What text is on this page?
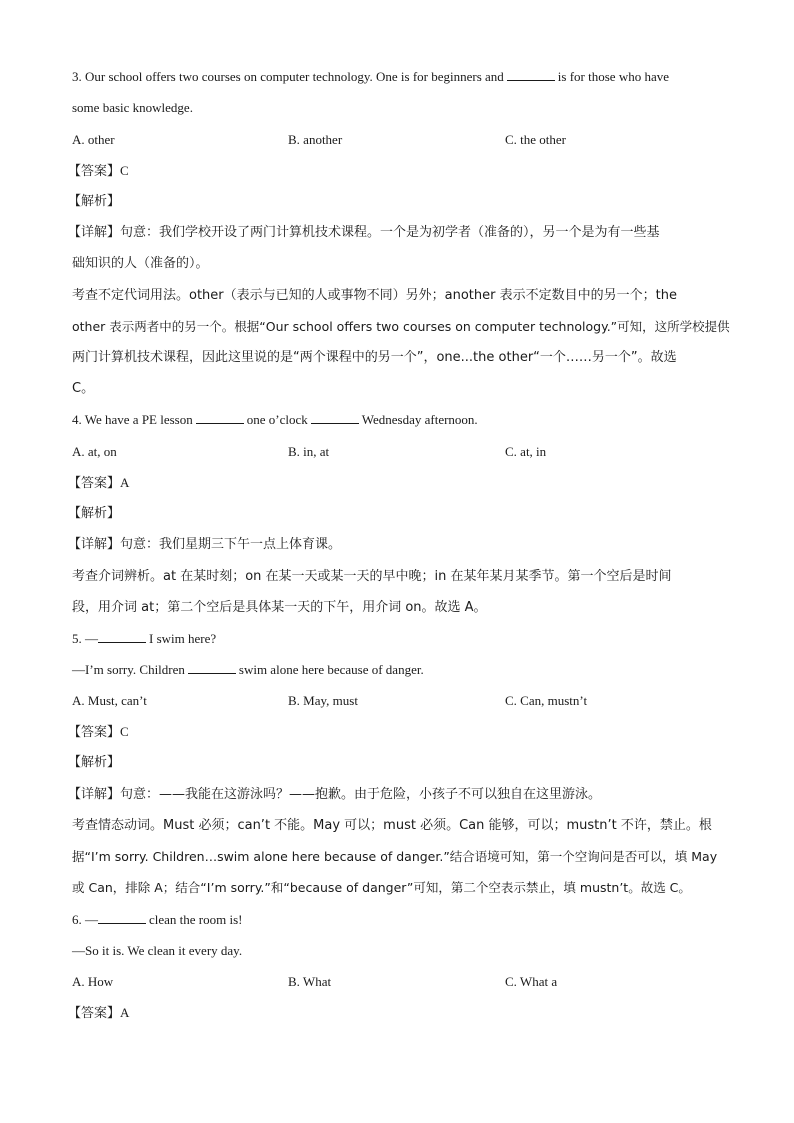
3. Our school offers two courses on computer technology. One is for beginners and	is for those who have
some basic knowledge.
A. other	B. another	C. the other
【答案】C
【解析】
【详解】句意：我们学校开设了两门计算机技术课程。一个是为初学者（准备的），另一个是为有一些基
础知识的人（准备的）。
考查不定代词用法。other（表示与已知的人或事物不同）另外；another 表示不定数目中的另一个；the
other 表示两者中的另一个。根据“Our school offers two courses on computer technology.”可知，这所学校提供
两门计算机技术课程，因此这里说的是“两个课程中的另一个”，one...the other“一个……另一个”。故选
C。
4. We have a PE lesson	one o’clock	Wednesday afternoon.
A. at, on	B. in, at	C. at, in
【答案】A
【解析】
【详解】句意：我们星期三下午一点上体育课。
考查介词辨析。at 在某时刻；on 在某一天或某一天的早中晚；in 在某年某月某季节。第一个空后是时间
段，用介词 at；第二个空后是具体某一天的下午，用介词 on。故选 A。
5. —	I swim here?
—I’m sorry. Children	swim alone here because of danger.
A. Must, can’t	B. May, must	C. Can, mustn’t
【答案】C
【解析】
【详解】句意：——我能在这游泳吗？——抱歉。由于危险，小孩子不可以独自在这里游泳。
考查情态动词。Must 必须；can’t 不能。May 可以；must 必须。Can 能够，可以；mustn’t 不许，禁止。根
据“I’m sorry. Children…swim alone here because of danger.”结合语境可知，第一个空询问是否可以，填 May
或 Can，排除 A；结合“I’m sorry.”和“because of danger”可知，第二个空表示禁止，填 mustn’t。故选 C。
6. —	clean the room is!
—So it is. We clean it every day.
A. How	B. What	C. What a
【答案】A
